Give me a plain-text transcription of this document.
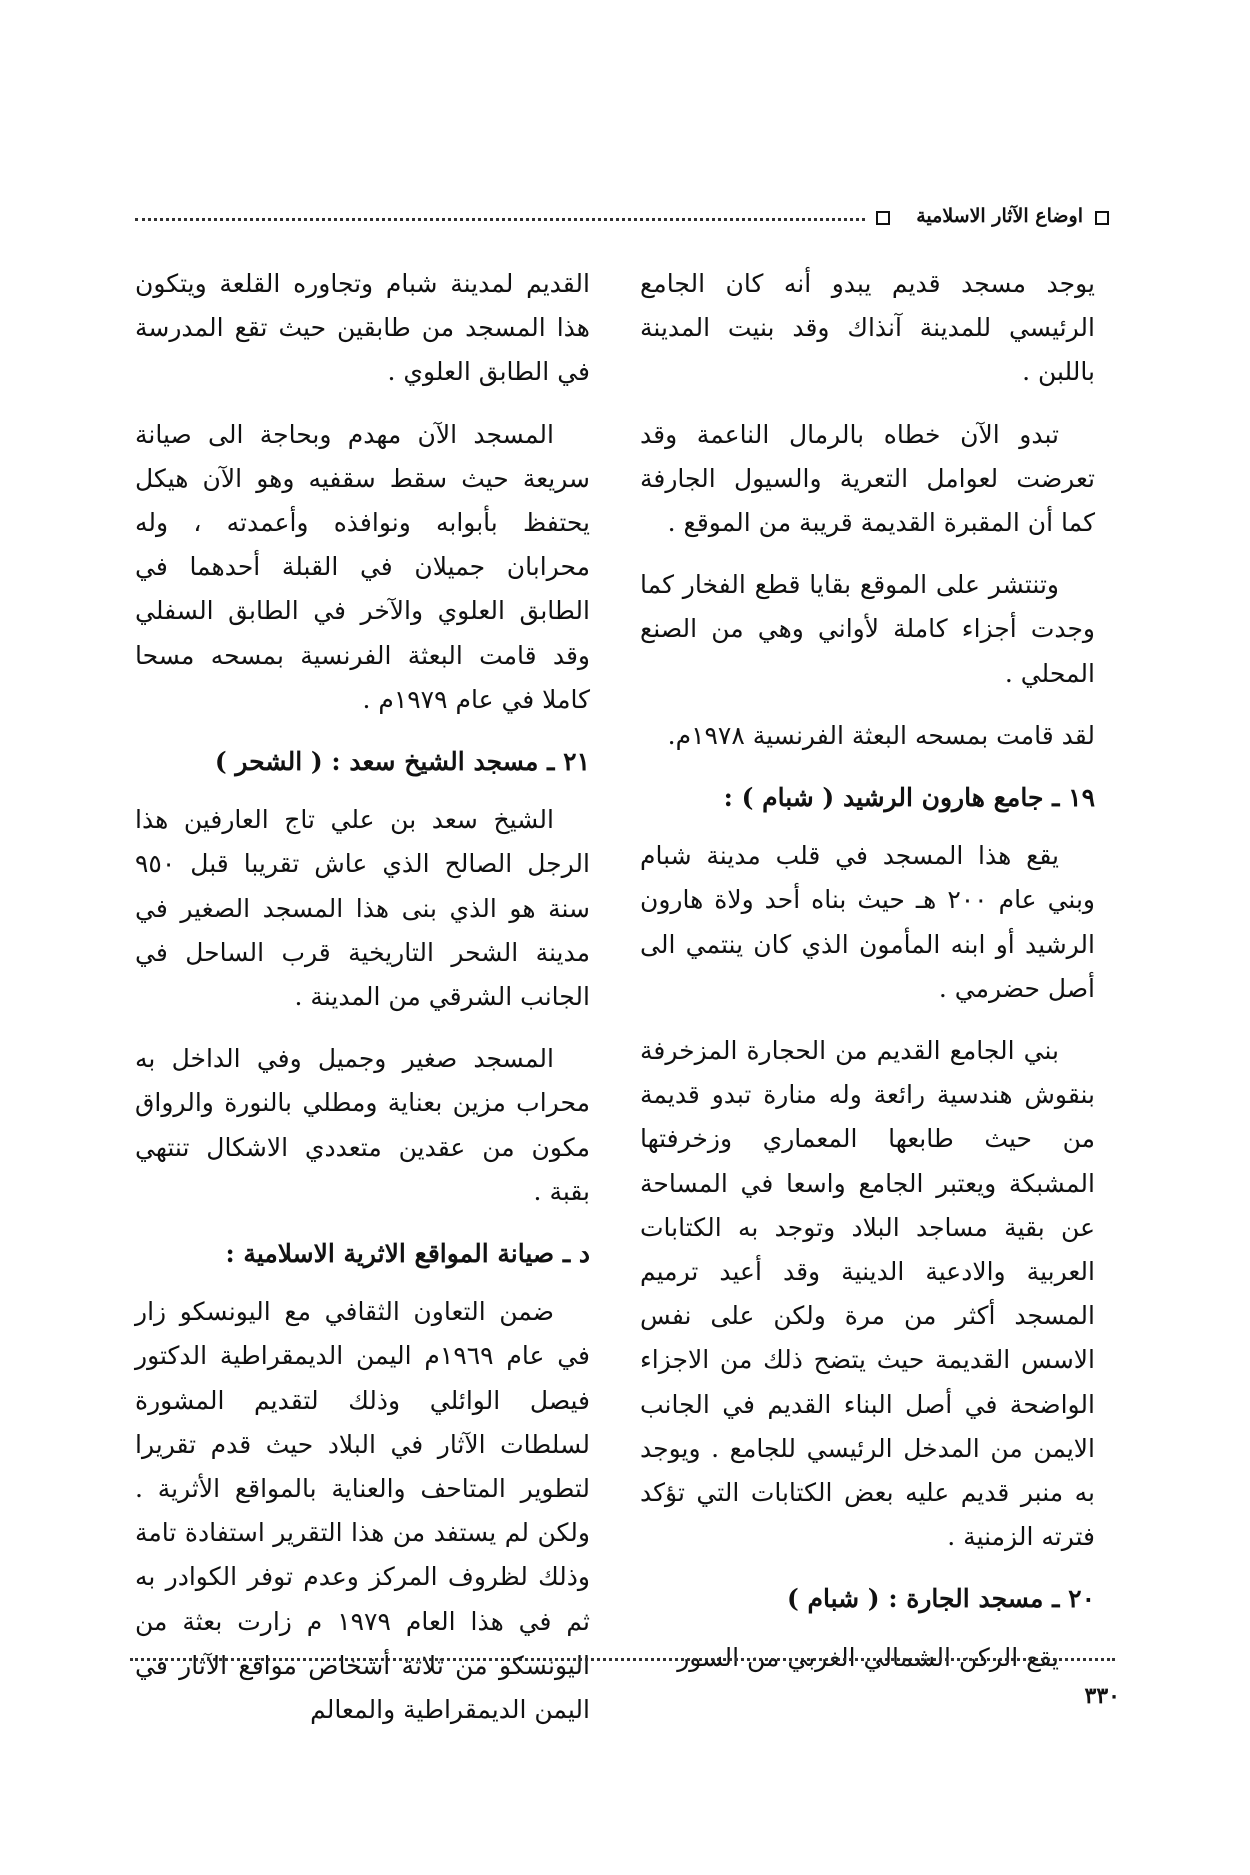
اوضاع الآثار الاسلامية

يوجد مسجد قديم يبدو أنه كان الجامع الرئيسي للمدينة آنذاك وقد بنيت المدينة باللبن .

تبدو الآن خطاه بالرمال الناعمة وقد تعرضت لعوامل التعرية والسيول الجارفة كما أن المقبرة القديمة قريبة من الموقع .

وتنتشر على الموقع بقايا قطع الفخار كما وجدت أجزاء كاملة لأواني وهي من الصنع المحلي .

لقد قامت بمسحه البعثة الفرنسية ١٩٧٨م.

١٩ ـ جامع هارون الرشيد ( شبام ) :

يقع هذا المسجد في قلب مدينة شبام وبني عام ٢٠٠ هـ حيث بناه أحد ولاة هارون الرشيد أو ابنه المأمون الذي كان ينتمي الى أصل حضرمي .

بني الجامع القديم من الحجارة المزخرفة بنقوش هندسية رائعة وله منارة تبدو قديمة من حيث طابعها المعماري وزخرفتها المشبكة ويعتبر الجامع واسعا في المساحة عن بقية مساجد البلاد وتوجد به الكتابات العربية والادعية الدينية وقد أعيد ترميم المسجد أكثر من مرة ولكن على نفس الاسس القديمة حيث يتضح ذلك من الاجزاء الواضحة في أصل البناء القديم في الجانب الايمن من المدخل الرئيسي للجامع . ويوجد به منبر قديم عليه بعض الكتابات التي تؤكد فترته الزمنية .

٢٠ ـ مسجد الجارة : ( شبام )

يقع الركن الشمالي الغربي من السور

القديم لمدينة شبام وتجاوره القلعة ويتكون هذا المسجد من طابقين حيث تقع المدرسة في الطابق العلوي .

المسجد الآن مهدم وبحاجة الى صيانة سريعة حيث سقط سقفيه وهو الآن هيكل يحتفظ بأبوابه ونوافذه وأعمدته ، وله محرابان جميلان في القبلة أحدهما في الطابق العلوي والآخر في الطابق السفلي وقد قامت البعثة الفرنسية بمسحه مسحا كاملا في عام ١٩٧٩م .

٢١ ـ مسجد الشيخ سعد : ( الشحر )

الشيخ سعد بن علي تاج العارفين هذا الرجل الصالح الذي عاش تقريبا قبل ٩٥٠ سنة هو الذي بنى هذا المسجد الصغير في مدينة الشحر التاريخية قرب الساحل في الجانب الشرقي من المدينة .

المسجد صغير وجميل وفي الداخل به محراب مزين بعناية ومطلي بالنورة والرواق مكون من عقدين متعددي الاشكال تنتهي بقبة .

د ـ صيانة المواقع الاثرية الاسلامية :

ضمن التعاون الثقافي مع اليونسكو زار في عام ١٩٦٩م اليمن الديمقراطية الدكتور فيصل الوائلي وذلك لتقديم المشورة لسلطات الآثار في البلاد حيث قدم تقريرا لتطوير المتاحف والعناية بالمواقع الأثرية . ولكن لم يستفد من هذا التقرير استفادة تامة وذلك لظروف المركز وعدم توفر الكوادر به ثم في هذا العام ١٩٧٩ م زارت بعثة من اليونسكو من ثلاثة أشخاص مواقع الآثار في اليمن الديمقراطية والمعالم	٣٣٠
